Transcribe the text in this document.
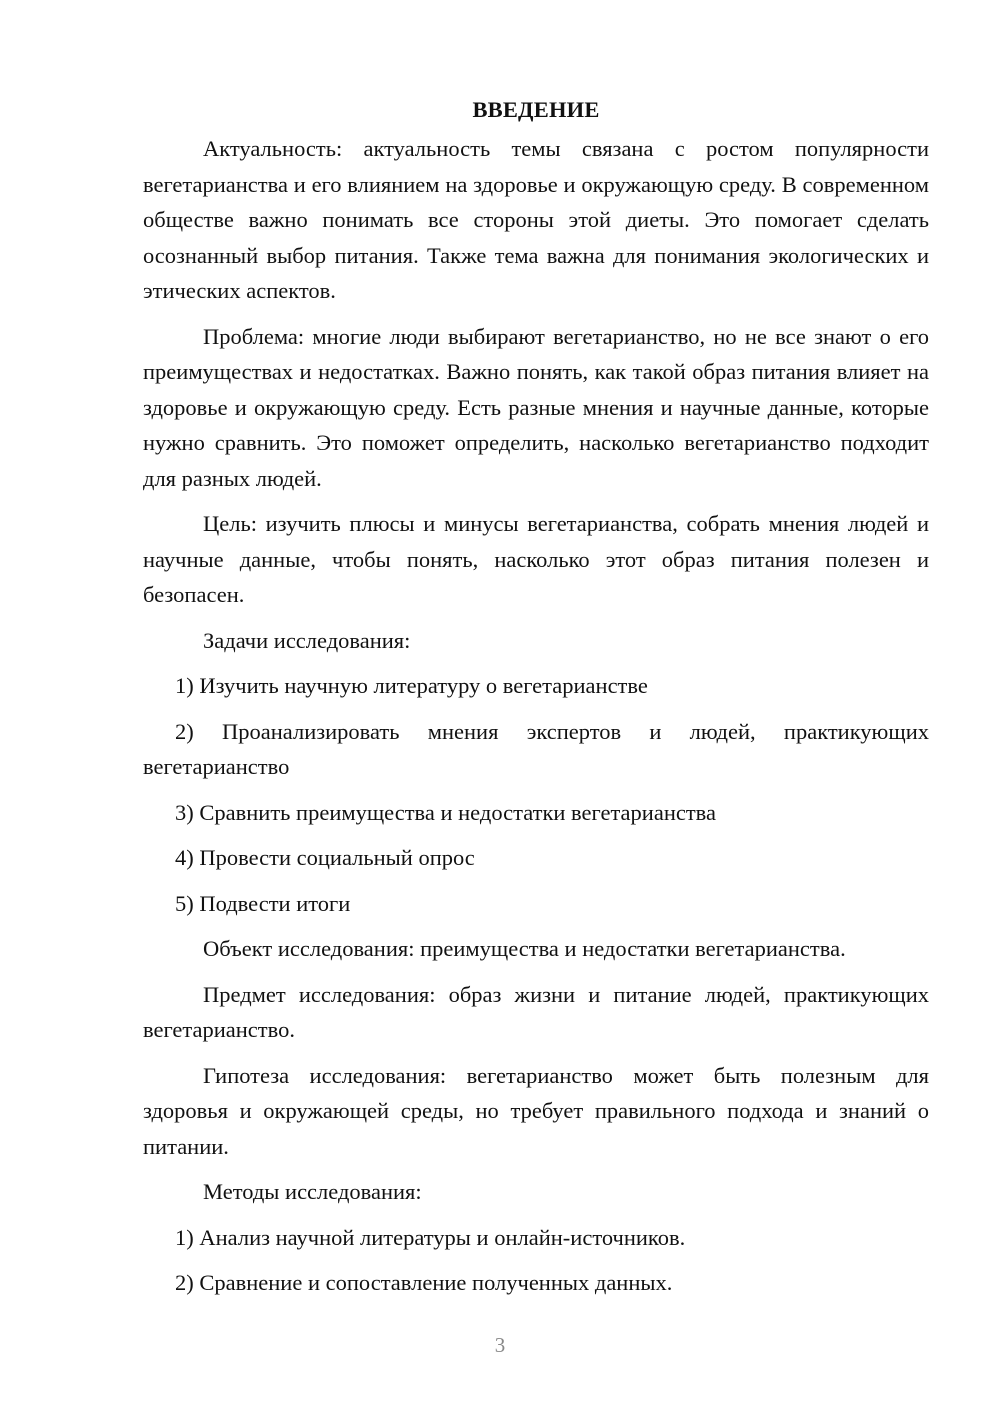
ВВЕДЕНИЕ

Актуальность: актуальность темы связана с ростом популярности вегетарианства и его влиянием на здоровье и окружающую среду. В современном обществе важно понимать все стороны этой диеты. Это помогает сделать осознанный выбор питания. Также тема важна для понимания экологических и этических аспектов.

Проблема: многие люди выбирают вегетарианство, но не все знают о его преимуществах и недостатках. Важно понять, как такой образ питания влияет на здоровье и окружающую среду. Есть разные мнения и научные данные, которые нужно сравнить. Это поможет определить, насколько вегетарианство подходит для разных людей.

Цель: изучить плюсы и минусы вегетарианства, собрать мнения людей и научные данные, чтобы понять, насколько этот образ питания полезен и безопасен.

Задачи исследования:

1) Изучить научную литературу о вегетарианстве

2) Проанализировать мнения экспертов и людей, практикующих вегетарианство

3) Сравнить преимущества и недостатки вегетарианства

4) Провести социальный опрос

5) Подвести итоги

Объект исследования: преимущества и недостатки вегетарианства.

Предмет исследования: образ жизни и питание людей, практикующих вегетарианство.

Гипотеза исследования: вегетарианство может быть полезным для здоровья и окружающей среды, но требует правильного подхода и знаний о питании.

Методы исследования:

1) Анализ научной литературы и онлайн-источников.

2) Сравнение и сопоставление полученных данных.

3
